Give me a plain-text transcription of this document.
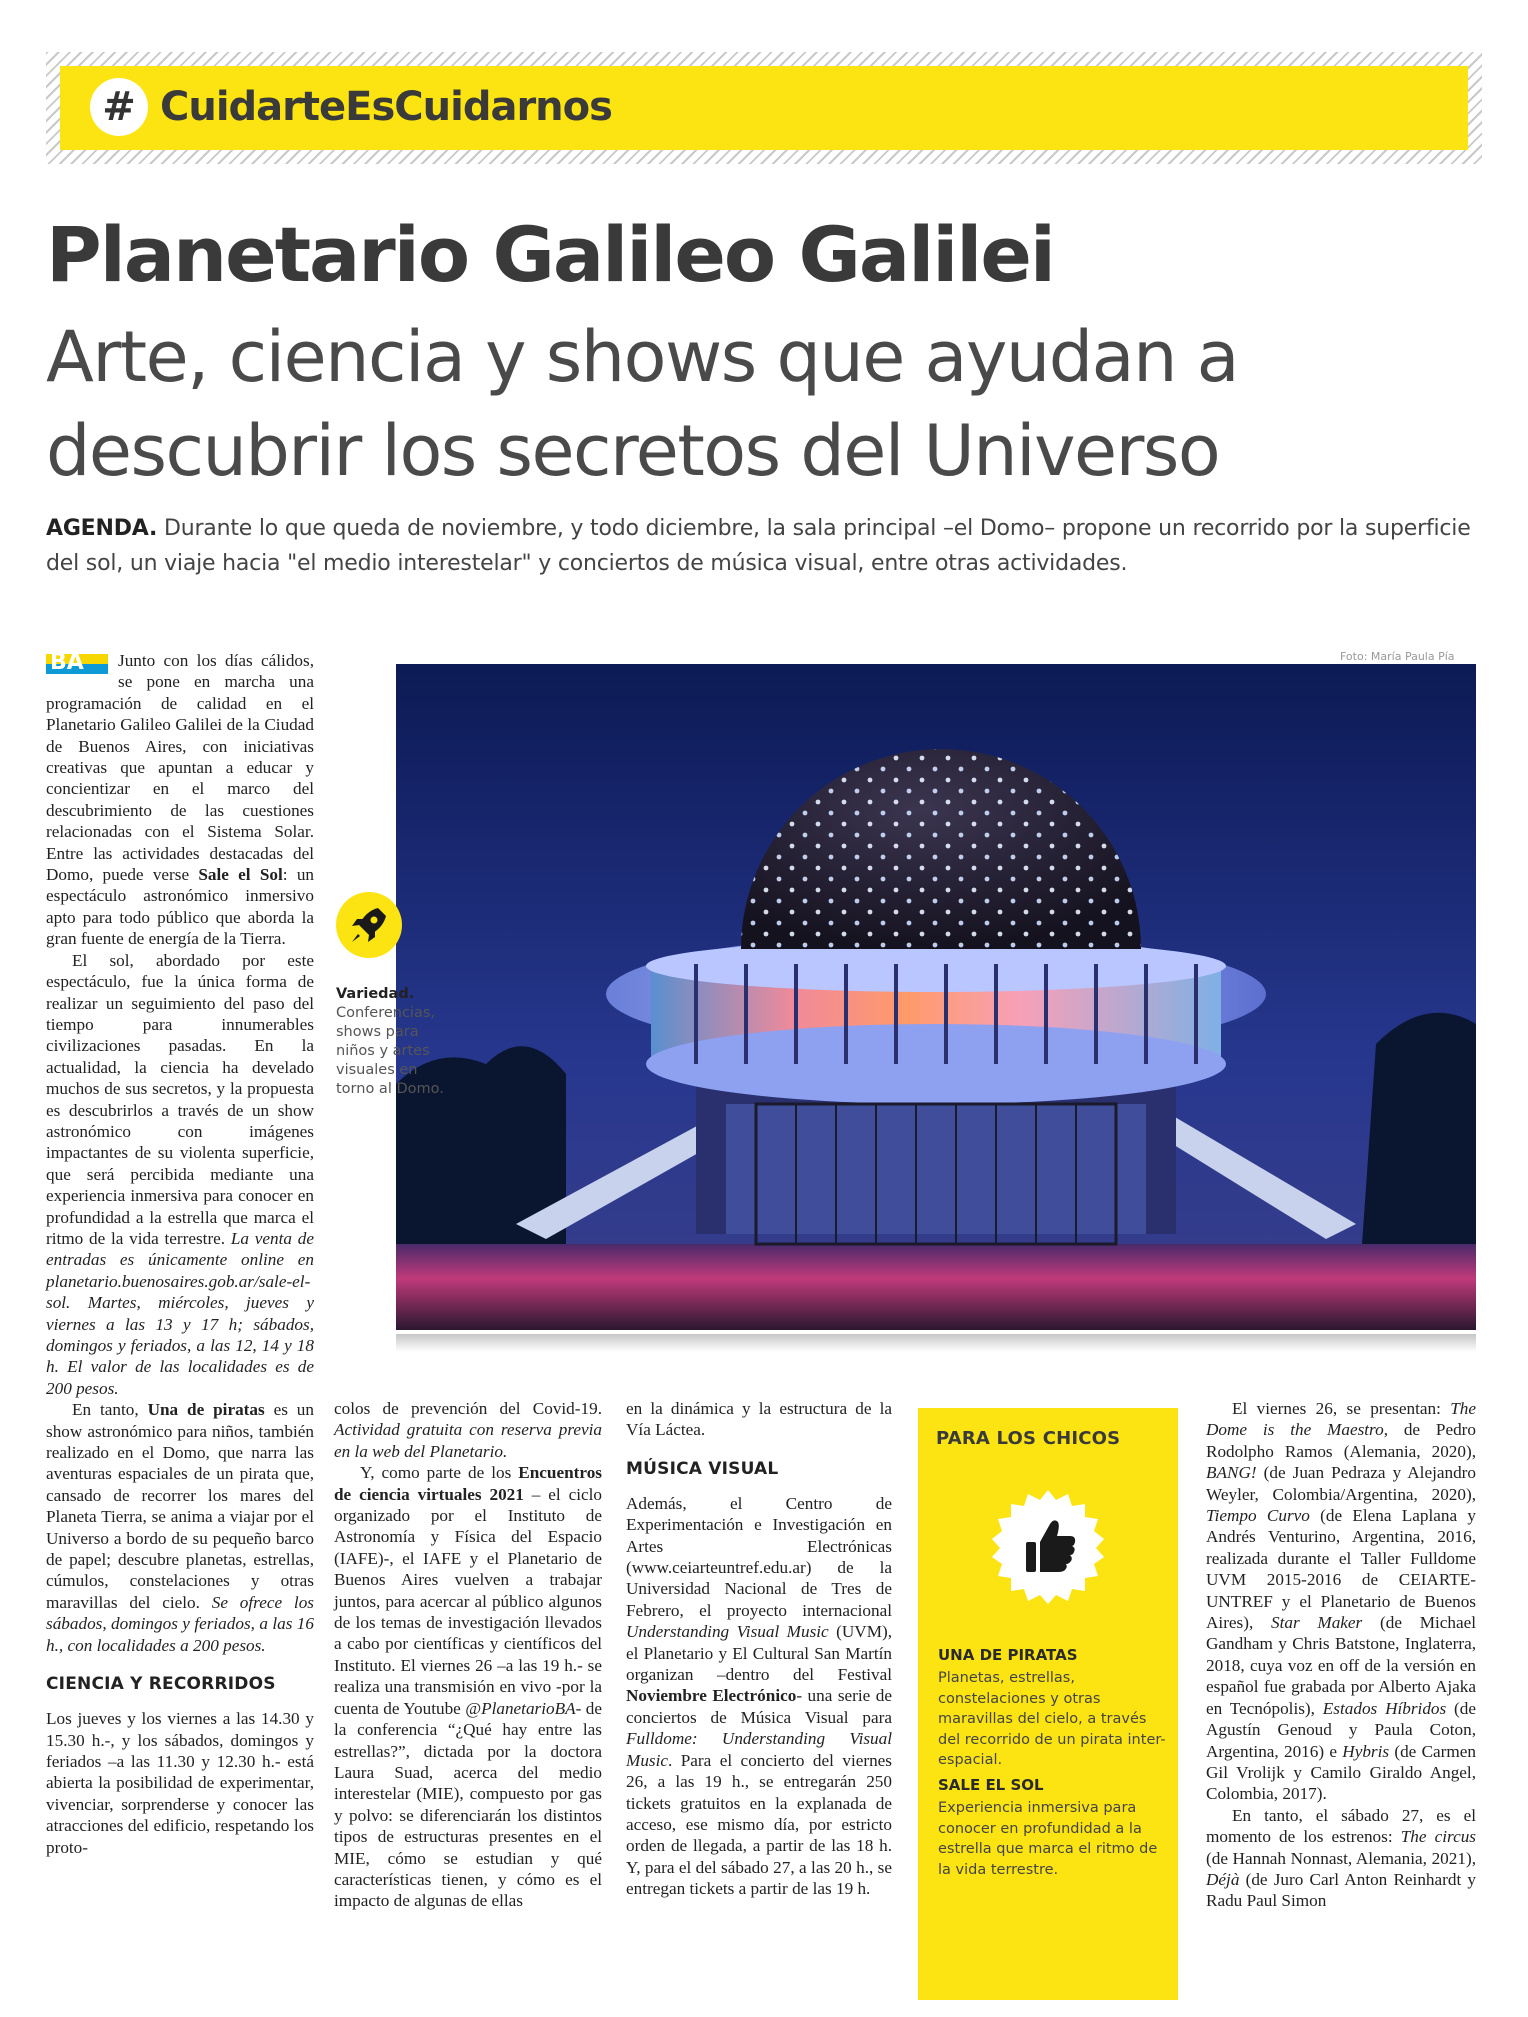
# CuidarteEsCuidarnos
Planetario Galileo Galilei
Arte, ciencia y shows que ayudan a descubrir los secretos del Universo

AGENDA. Durante lo que queda de noviembre, y todo diciembre, la sala principal –el Domo– propone un recorrido por la superficie del sol, un viaje hacia "el medio interestelar" y conciertos de música visual, entre otras actividades.

BA Junto con los días cálidos, se pone en marcha una programación de calidad en el Planetario Galileo Galilei de la Ciudad de Buenos Aires, con iniciativas creativas que apuntan a educar y concientizar en el marco del descubrimiento de las cuestiones relacionadas con el Sistema Solar. Entre las actividades destacadas del Domo, puede verse Sale el Sol: un espectáculo astronómico inmersivo apto para todo público que aborda la gran fuente de energía de la Tierra.

El sol, abordado por este espectáculo, fue la única forma de realizar un seguimiento del paso del tiempo para innumerables civilizaciones pasadas. En la actualidad, la ciencia ha develado muchos de sus secretos, y la propuesta es descubrirlos a través de un show astronómico con imágenes impactantes de su violenta superficie, que será percibida mediante una experiencia inmersiva para conocer en profundidad a la estrella que marca el ritmo de la vida terrestre. La venta de entradas es únicamente online en planetario.buenosaires.gob.ar/sale-el-sol. Martes, miércoles, jueves y viernes a las 13 y 17 h; sábados, domingos y feriados, a las 12, 14 y 18 h. El valor de las localidades es de 200 pesos.

En tanto, Una de piratas es un show astronómico para niños, también realizado en el Domo, que narra las aventuras espaciales de un pirata que, cansado de recorrer los mares del Planeta Tierra, se anima a viajar por el Universo a bordo de su pequeño barco de papel; descubre planetas, estrellas, cúmulos, constelaciones y otras maravillas del cielo. Se ofrece los sábados, domingos y feriados, a las 16 h., con localidades a 200 pesos.

CIENCIA Y RECORRIDOS

Los jueves y los viernes a las 14.30 y 15.30 h.-, y los sábados, domingos y feriados –a las 11.30 y 12.30 h.- está abierta la posibilidad de experimentar, vivenciar, sorprenderse y conocer las atracciones del edificio, respetando los proto-

Foto: María Paula Pía
Variedad.
Conferencias, shows para niños y artes visuales en torno al Domo.

colos de prevención del Covid-19. Actividad gratuita con reserva previa en la web del Planetario.

Y, como parte de los Encuentros de ciencia virtuales 2021 – el ciclo organizado por el Instituto de Astronomía y Física del Espacio (IAFE)-, el IAFE y el Planetario de Buenos Aires vuelven a trabajar juntos, para acercar al público algunos de los temas de investigación llevados a cabo por científicas y científicos del Instituto. El viernes 26 –a las 19 h.- se realiza una transmisión en vivo -por la cuenta de Youtube @PlanetarioBA- de la conferencia “¿Qué hay entre las estrellas?”, dictada por la doctora Laura Suad, acerca del medio interestelar (MIE), compuesto por gas y polvo: se diferenciarán los distintos tipos de estructuras presentes en el MIE, cómo se estudian y qué características tienen, y cómo es el impacto de algunas de ellas

en la dinámica y la estructura de la Vía Láctea.

MÚSICA VISUAL

Además, el Centro de Experimentación e Investigación en Artes Electrónicas (www.ceiarteuntref.edu.ar) de la Universidad Nacional de Tres de Febrero, el proyecto internacional Understanding Visual Music (UVM), el Planetario y El Cultural San Martín organizan –dentro del Festival Noviembre Electrónico- una serie de conciertos de Música Visual para Fulldome: Understanding Visual Music. Para el concierto del viernes 26, a las 19 h., se entregarán 250 tickets gratuitos en la explanada de acceso, ese mismo día, por estricto orden de llegada, a partir de las 18 h. Y, para el del sábado 27, a las 20 h., se entregan tickets a partir de las 19 h.

PARA LOS CHICOS
UNA DE PIRATAS
Planetas, estrellas, constelaciones y otras maravillas del cielo, a través del recorrido de un pirata inter-espacial.
SALE EL SOL
Experiencia inmersiva para conocer en profundidad a la estrella que marca el ritmo de la vida terrestre.

El viernes 26, se presentan: The Dome is the Maestro, de Pedro Rodolpho Ramos (Alemania, 2020), BANG! (de Juan Pedraza y Alejandro Weyler, Colombia/Argentina, 2020), Tiempo Curvo (de Elena Laplana y Andrés Venturino, Argentina, 2016, realizada durante el Taller Fulldome UVM 2015-2016 de CEIARTE-UNTREF y el Planetario de Buenos Aires), Star Maker (de Michael Gandham y Chris Batstone, Inglaterra, 2018, cuya voz en off de la versión en español fue grabada por Alberto Ajaka en Tecnópolis), Estados Híbridos (de Agustín Genoud y Paula Coton, Argentina, 2016) e Hybris (de Carmen Gil Vrolijk y Camilo Giraldo Angel, Colombia, 2017).

En tanto, el sábado 27, es el momento de los estrenos: The circus (de Hannah Nonnast, Alemania, 2021), Déjà (de Juro Carl Anton Reinhardt y Radu Paul Simon
